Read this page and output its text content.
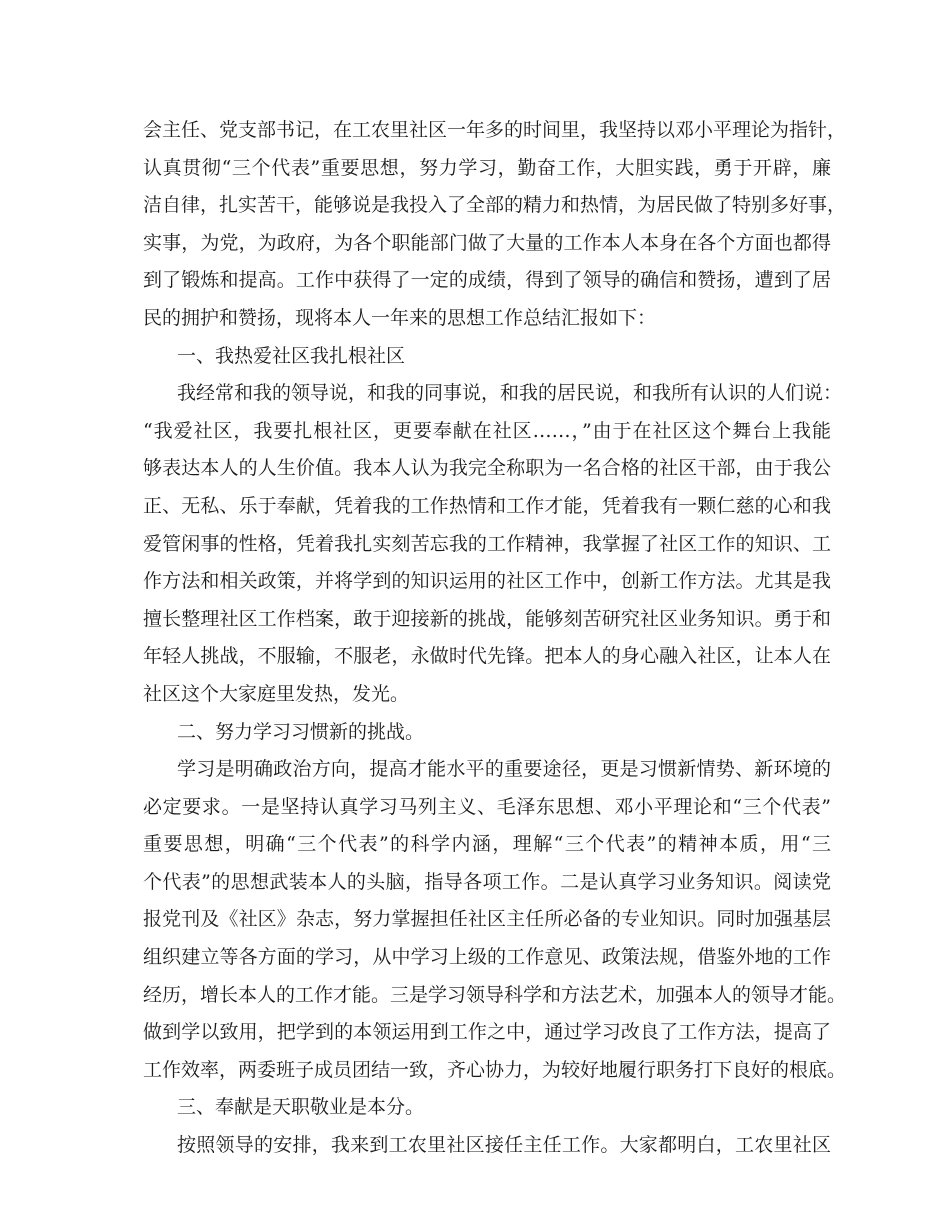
会主任、党支部书记，在工农里社区一年多的时间里，我坚持以邓小平理论为指针，
认真贯彻“三个代表”重要思想，努力学习，勤奋工作，大胆实践，勇于开辟，廉
洁自律，扎实苦干，能够说是我投入了全部的精力和热情，为居民做了特别多好事，
实事，为党，为政府，为各个职能部门做了大量的工作本人本身在各个方面也都得
到了锻炼和提高。工作中获得了一定的成绩，得到了领导的确信和赞扬，遭到了居
民的拥护和赞扬，现将本人一年来的思想工作总结汇报如下：
一、我热爱社区我扎根社区
我经常和我的领导说，和我的同事说，和我的居民说，和我所有认识的人们说：
“我爱社区，我要扎根社区，更要奉献在社区……，”由于在社区这个舞台上我能
够表达本人的人生价值。我本人认为我完全称职为一名合格的社区干部，由于我公
正、无私、乐于奉献，凭着我的工作热情和工作才能，凭着我有一颗仁慈的心和我
爱管闲事的性格，凭着我扎实刻苦忘我的工作精神，我掌握了社区工作的知识、工
作方法和相关政策，并将学到的知识运用的社区工作中，创新工作方法。尤其是我
擅长整理社区工作档案，敢于迎接新的挑战，能够刻苦研究社区业务知识。勇于和
年轻人挑战，不服输，不服老，永做时代先锋。把本人的身心融入社区，让本人在
社区这个大家庭里发热，发光。
二、努力学习习惯新的挑战。
学习是明确政治方向，提高才能水平的重要途径，更是习惯新情势、新环境的
必定要求。一是坚持认真学习马列主义、毛泽东思想、邓小平理论和“三个代表”
重要思想，明确“三个代表”的科学内涵，理解“三个代表”的精神本质，用“三
个代表”的思想武装本人的头脑，指导各项工作。二是认真学习业务知识。阅读党
报党刊及《社区》杂志，努力掌握担任社区主任所必备的专业知识。同时加强基层
组织建立等各方面的学习，从中学习上级的工作意见、政策法规，借鉴外地的工作
经历，增长本人的工作才能。三是学习领导科学和方法艺术，加强本人的领导才能。
做到学以致用，把学到的本领运用到工作之中，通过学习改良了工作方法，提高了
工作效率，两委班子成员团结一致，齐心协力，为较好地履行职务打下良好的根底。
三、奉献是天职敬业是本分。
按照领导的安排，我来到工农里社区接任主任工作。大家都明白，工农里社区
